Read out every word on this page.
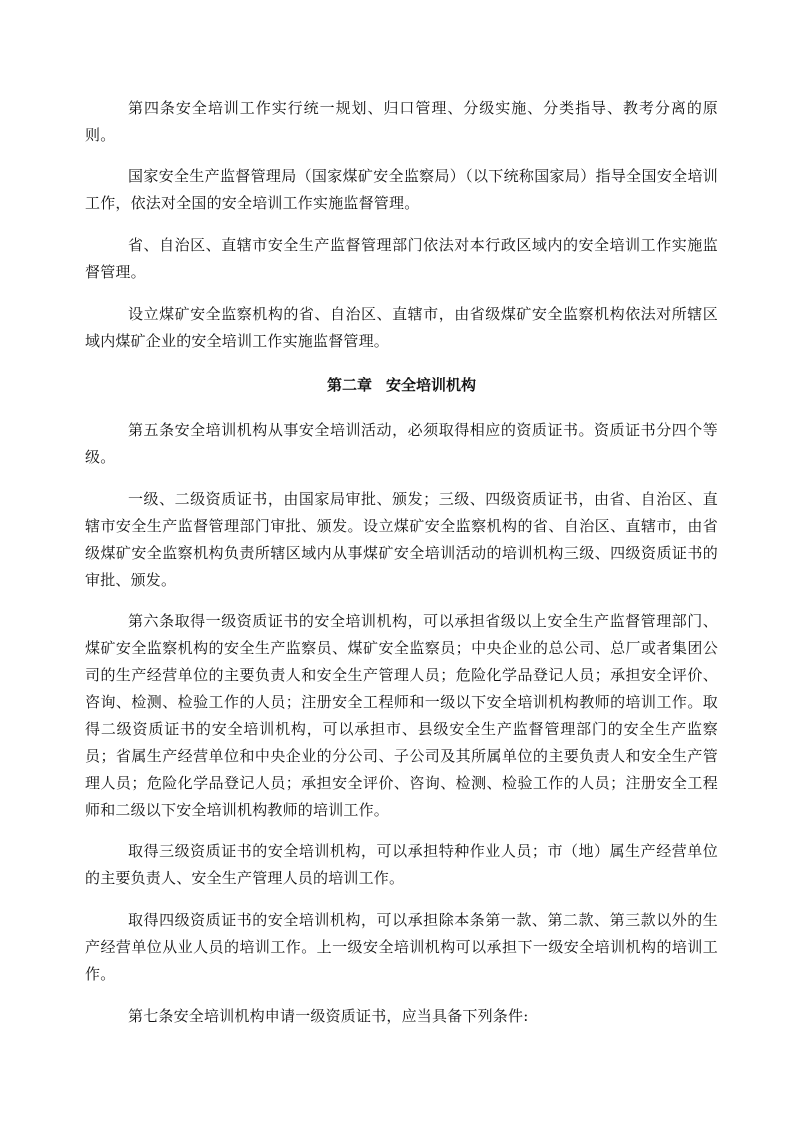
第四条安全培训工作实行统一规划、归口管理、分级实施、分类指导、教考分离的原则。

国家安全生产监督管理局（国家煤矿安全监察局）（以下统称国家局）指导全国安全培训工作，依法对全国的安全培训工作实施监督管理。

省、自治区、直辖市安全生产监督管理部门依法对本行政区域内的安全培训工作实施监督管理。

设立煤矿安全监察机构的省、自治区、直辖市，由省级煤矿安全监察机构依法对所辖区域内煤矿企业的安全培训工作实施监督管理。

第二章 安全培训机构

第五条安全培训机构从事安全培训活动，必须取得相应的资质证书。资质证书分四个等级。

一级、二级资质证书，由国家局审批、颁发；三级、四级资质证书，由省、自治区、直辖市安全生产监督管理部门审批、颁发。设立煤矿安全监察机构的省、自治区、直辖市，由省级煤矿安全监察机构负责所辖区域内从事煤矿安全培训活动的培训机构三级、四级资质证书的审批、颁发。

第六条取得一级资质证书的安全培训机构，可以承担省级以上安全生产监督管理部门、煤矿安全监察机构的安全生产监察员、煤矿安全监察员；中央企业的总公司、总厂或者集团公司的生产经营单位的主要负责人和安全生产管理人员；危险化学品登记人员；承担安全评价、咨询、检测、检验工作的人员；注册安全工程师和一级以下安全培训机构教师的培训工作。取得二级资质证书的安全培训机构，可以承担市、县级安全生产监督管理部门的安全生产监察员；省属生产经营单位和中央企业的分公司、子公司及其所属单位的主要负责人和安全生产管理人员；危险化学品登记人员；承担安全评价、咨询、检测、检验工作的人员；注册安全工程师和二级以下安全培训机构教师的培训工作。

取得三级资质证书的安全培训机构，可以承担特种作业人员；市（地）属生产经营单位的主要负责人、安全生产管理人员的培训工作。

取得四级资质证书的安全培训机构，可以承担除本条第一款、第二款、第三款以外的生产经营单位从业人员的培训工作。上一级安全培训机构可以承担下一级安全培训机构的培训工作。

第七条安全培训机构申请一级资质证书，应当具备下列条件:
